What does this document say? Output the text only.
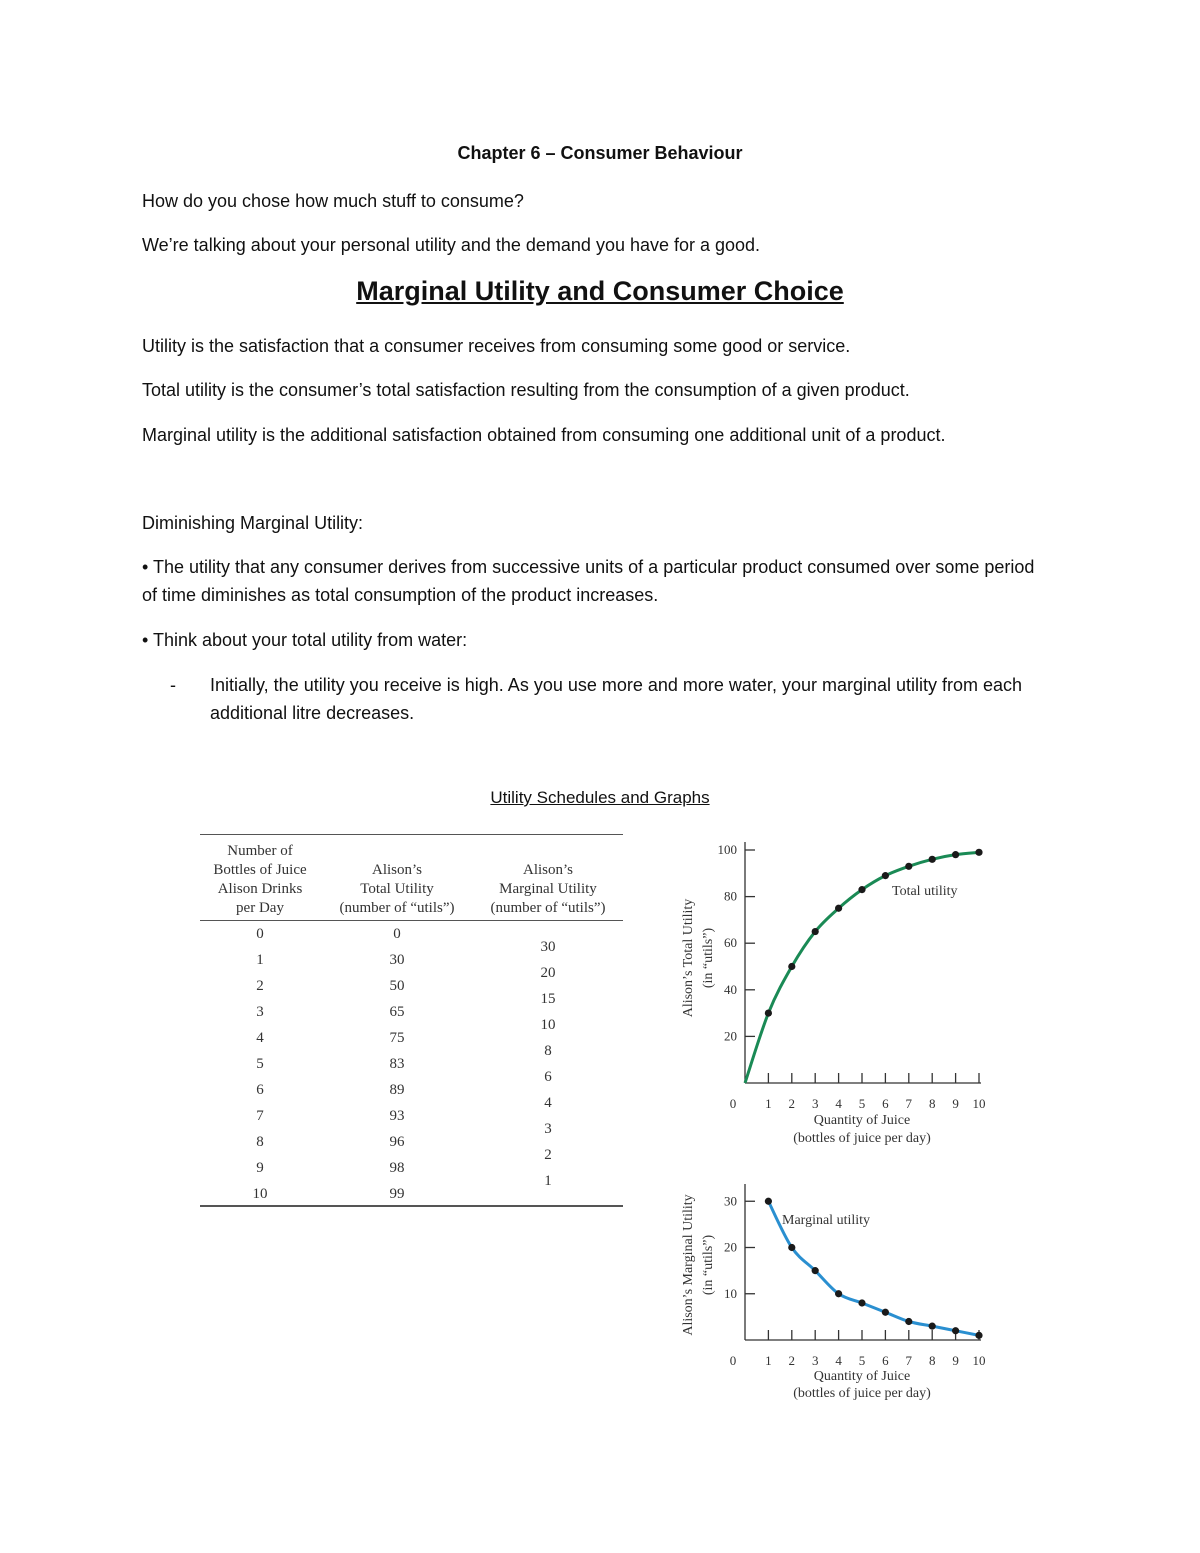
Chapter 6 – Consumer Behaviour
How do you chose how much stuff to consume?
We’re talking about your personal utility and the demand you have for a good.
Marginal Utility and Consumer Choice
Utility is the satisfaction that a consumer receives from consuming some good or service.
Total utility is the consumer’s total satisfaction resulting from the consumption of a given product.
Marginal utility is the additional satisfaction obtained from consuming one additional unit of a product.
Diminishing Marginal Utility:
• The utility that any consumer derives from successive units of a particular product consumed over some period of time diminishes as total consumption of the product increases.
• Think about your total utility from water:
- Initially, the utility you receive is high. As you use more and more water, your marginal utility from each additional litre decreases.
Utility Schedules and Graphs
Number of
Bottles of Juice
Alison Drinks
per Day
Alison’s
Total Utility
(number of “utils”)
Alison’s
Marginal Utility
(number of “utils”)
0
1
2
3
4
5
6
7
8
9
10
0
30
50
65
75
83
89
93
96
98
99
30
20
15
10
8
6
4
3
2
1
0 1 2 3 4 5 6 7 8 9 10
20
40
60
80
100
Total utility
Quantity of Juice
(bottles of juice per day)
Alison’s Total Utility (in “utils”)
0 1 2 3 4 5 6 7 8 9 10
10
20
30
Marginal utility
Quantity of Juice
(bottles of juice per day)
Alison’s Marginal Utility (in “utils”)
